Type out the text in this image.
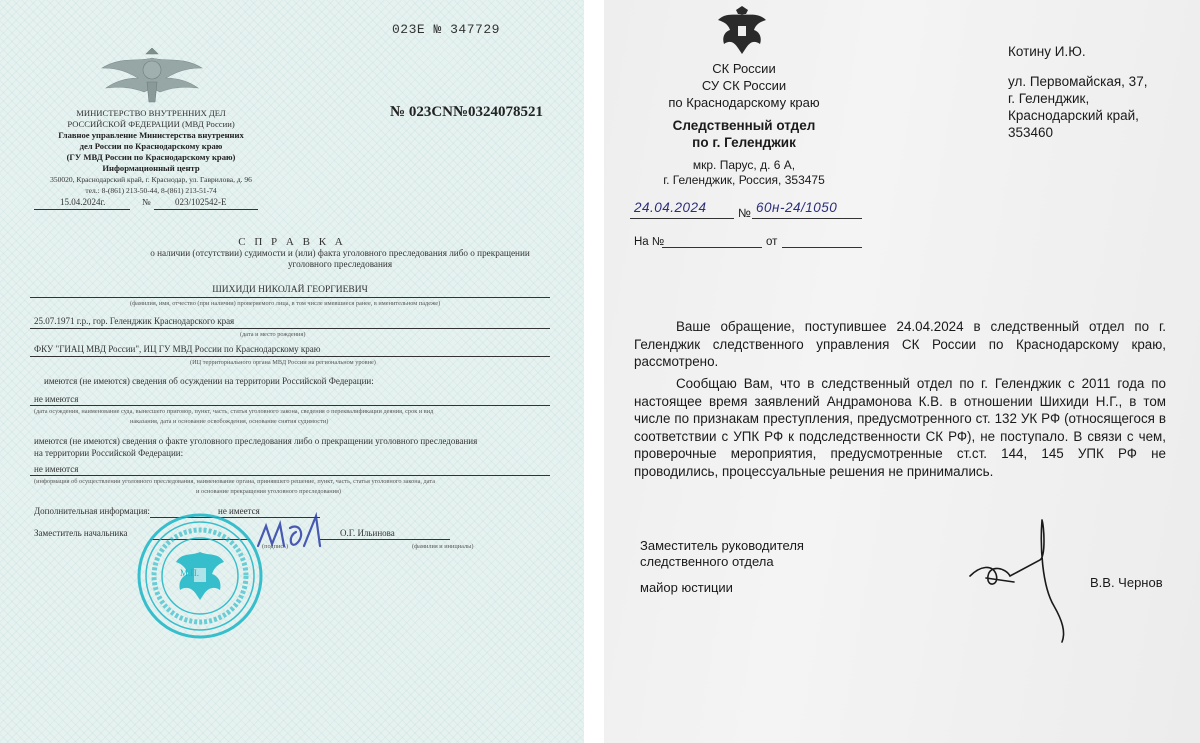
023E № 347729
МИНИСТЕРСТВО ВНУТРЕННИХ ДЕЛ
РОССИЙСКОЙ ФЕДЕРАЦИИ (МВД России)
Главное управление Министерства внутренних
дел России по Краснодарскому краю
(ГУ МВД России по Краснодарскому краю)
Информационный центр
350020, Краснодарский край, г. Краснодар, ул. Гаврилова, д. 96
тел.: 8-(861) 213-50-44, 8-(861) 213-51-74
№ 023CN№0324078521
15.04.2024г.	№	023/102542-Е
С П Р А В К А
о наличии (отсутствии) судимости и (или) факта уголовного преследования либо о прекращении уголовного преследования
ШИХИДИ НИКОЛАЙ ГЕОРГИЕВИЧ
(фамилия, имя, отчество (при наличии) проверяемого лица, в том числе имевшиеся ранее, в именительном падеже)
25.07.1971 г.р., гор. Геленджик Краснодарского края
(дата и место рождения)
ФКУ "ГИАЦ МВД России", ИЦ ГУ МВД России по Краснодарскому краю
(ИЦ территориального органа МВД России на региональном уровне)
имеются (не имеются) сведения об осуждении на территории Российской Федерации:
не имеются
(дата осуждения, наименование суда, вынесшего приговор, пункт, часть, статья уголовного закона, сведения о переквалификации деяния, срок и вид
наказания, дата и основание освобождения, основание снятия судимости)
имеются (не имеются) сведения о факте уголовного преследования либо о прекращении уголовного преследования
на территории Российской Федерации:
не имеются
(информация об осуществлении уголовного преследования, наименование органа, принявшего решение, пункт, часть, статья уголовного закона, дата
и основание прекращения уголовного преследования)
Дополнительная информация:	не имеется
Заместитель начальника
(подпись)
О.Г. Ильинова
(фамилия и инициалы)
М.П.
СК России
СУ СК России
по Краснодарскому краю
Следственный отдел
по г. Геленджик
мкр. Парус, д. 6 А,
г. Геленджик, Россия, 353475
24.04.2024	№ 60н-24/1050
На №	от
Котину И.Ю.
ул. Первомайская, 37,
г. Геленджик,
Краснодарский край,
353460
Ваше обращение, поступившее 24.04.2024 в следственный отдел по г. Геленджик следственного управления СК России по Краснодарскому краю, рассмотрено.
Сообщаю Вам, что в следственный отдел по г. Геленджик с 2011 года по настоящее время заявлений Андрамонова К.В. в отношении Шихиди Н.Г., в том числе по признакам преступления, предусмотренного ст. 132 УК РФ (относящегося в соответствии с УПК РФ к подследственности СК РФ), не поступало. В связи с чем, проверочные мероприятия, предусмотренные ст.ст. 144, 145 УПК РФ не проводились, процессуальные решения не принимались.
Заместитель руководителя
следственного отдела
майор юстиции	В.В. Чернов
